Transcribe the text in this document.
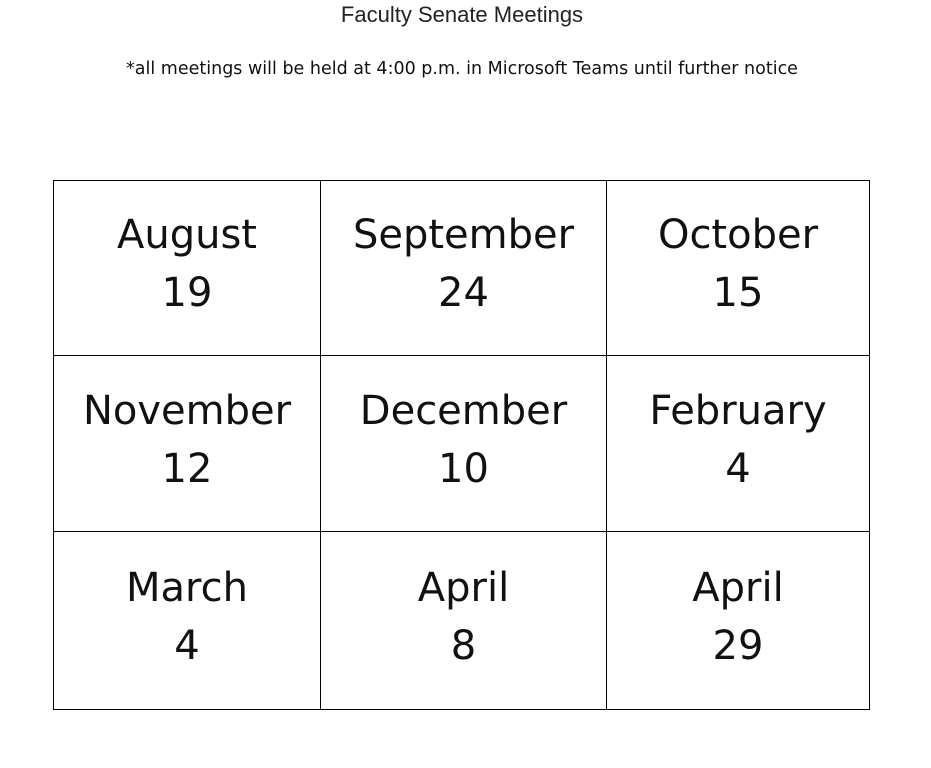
Faculty Senate Meetings
*all meetings will be held at 4:00 p.m. in Microsoft Teams until further notice
August
19	September
24	October
15

November
12	December
10	February
4

March
4	April
8	April
29
